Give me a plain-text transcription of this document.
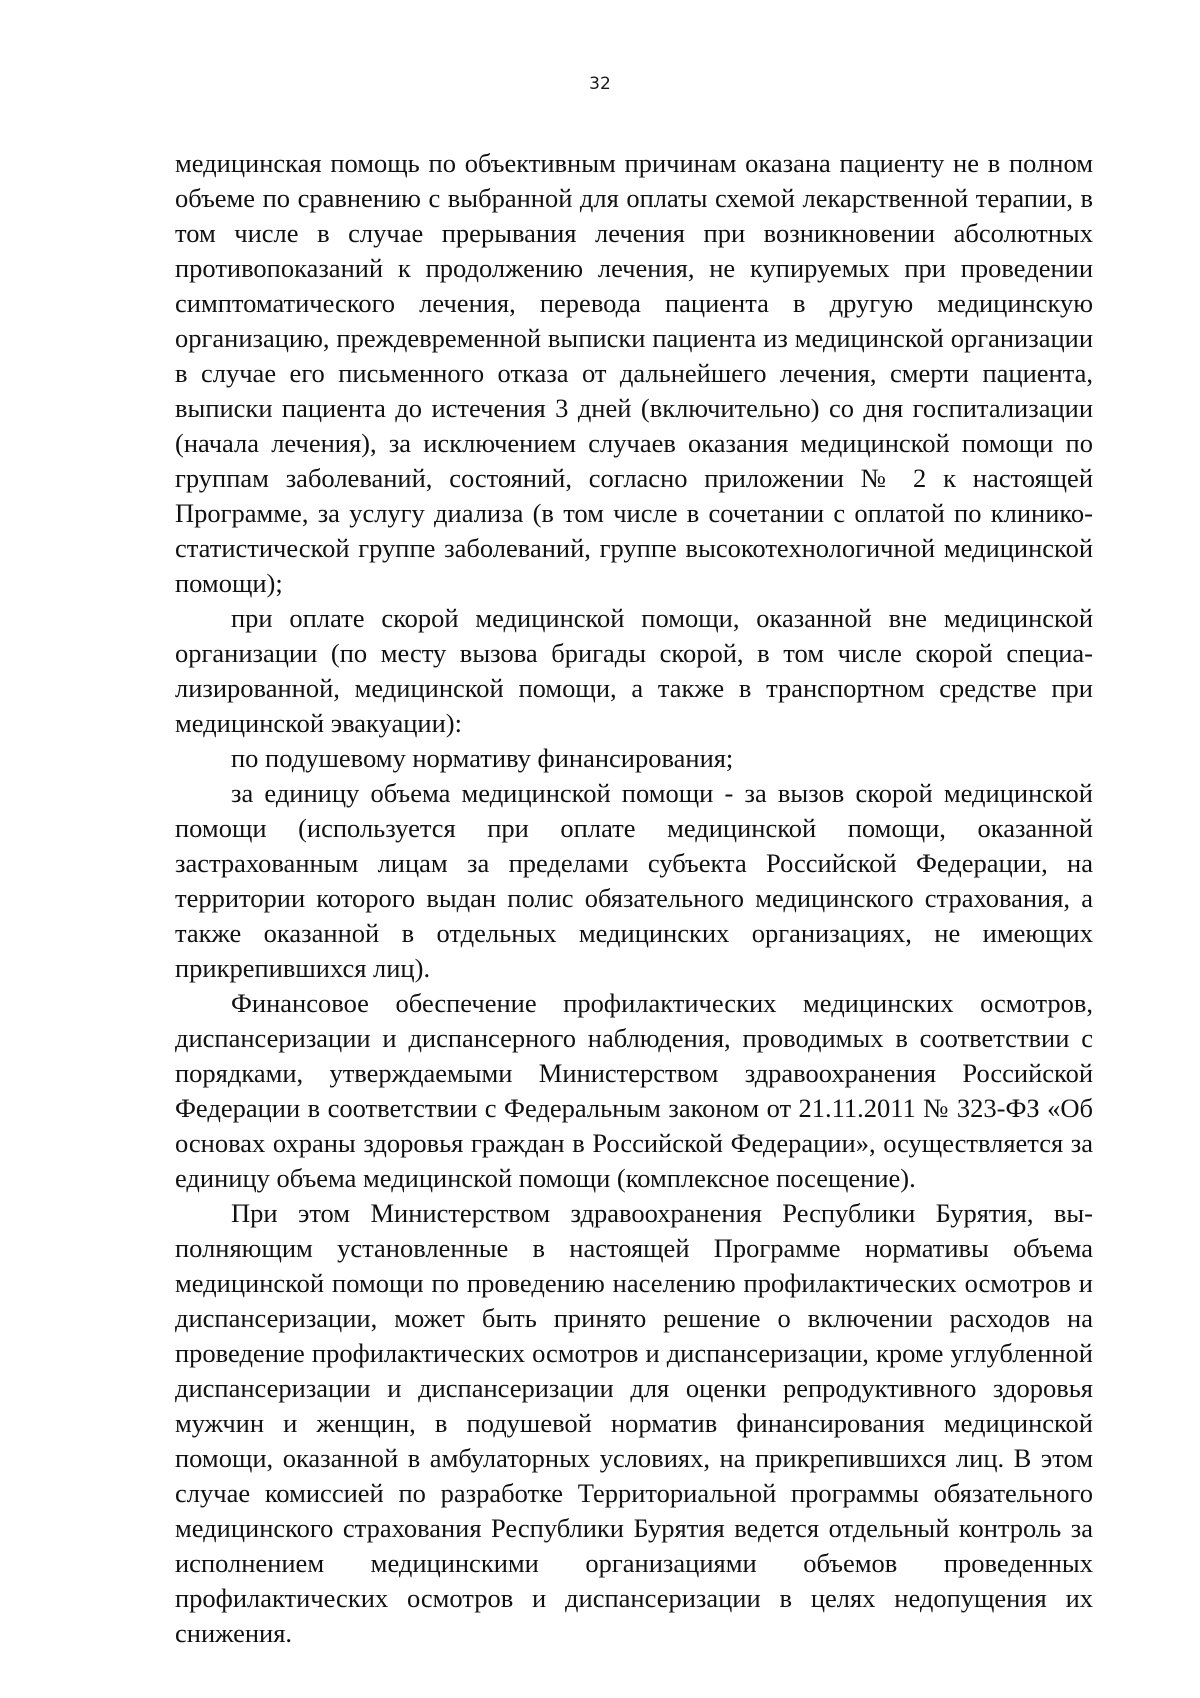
32

медицинская помощь по объективным причинам оказана пациенту не в полном объеме по сравнению с выбранной для оплаты схемой лекарственной терапии, в том числе в случае прерывания лечения при возникновении абсолютных противопоказаний к продолжению лечения, не купируемых при проведении симптоматического лечения, перевода пациента в другую медицинскую организацию, преждевременной выписки пациента из медицинской организации в случае его письменного отказа от дальнейшего лечения, смерти пациента, выписки пациента до истечения 3 дней (включительно) со дня госпитализации (начала лечения), за исключением случаев оказания медицинской помощи по группам заболеваний, состояний, согласно приложении № 2 к настоящей Программе, за услугу диализа (в том числе в сочетании с оплатой по клинико-статистической группе заболеваний, группе высокотехнологичной медицинской помощи);

при оплате скорой медицинской помощи, оказанной вне медицинской организации (по месту вызова бригады скорой, в том числе скорой специализированной, медицинской помощи, а также в транспортном средстве при медицинской эвакуации):

по подушевому нормативу финансирования;

за единицу объема медицинской помощи - за вызов скорой медицинской помощи (используется при оплате медицинской помощи, оказанной застрахованным лицам за пределами субъекта Российской Федерации, на территории которого выдан полис обязательного медицинского страхования, а также оказанной в отдельных медицинских организациях, не имеющих прикрепившихся лиц).

Финансовое обеспечение профилактических медицинских осмотров, диспансеризации и диспансерного наблюдения, проводимых в соответствии с порядками, утверждаемыми Министерством здравоохранения Российской Федерации в соответствии с Федеральным законом от 21.11.2011 № 323-ФЗ «Об основах охраны здоровья граждан в Российской Федерации», осуществляется за единицу объема медицинской помощи (комплексное посещение).

При этом Министерством здравоохранения Республики Бурятия, выполняющим установленные в настоящей Программе нормативы объема медицинской помощи по проведению населению профилактических осмотров и диспансеризации, может быть принято решение о включении расходов на проведение профилактических осмотров и диспансеризации, кроме углубленной диспансеризации и диспансеризации для оценки репродуктивного здоровья мужчин и женщин, в подушевой норматив финансирования медицинской помощи, оказанной в амбулаторных условиях, на прикрепившихся лиц. В этом случае комиссией по разработке Территориальной программы обязательного медицинского страхования Республики Бурятия ведется отдельный контроль за исполнением медицинскими организациями объемов проведенных профилактических осмотров и диспансеризации в целях недопущения их снижения.
